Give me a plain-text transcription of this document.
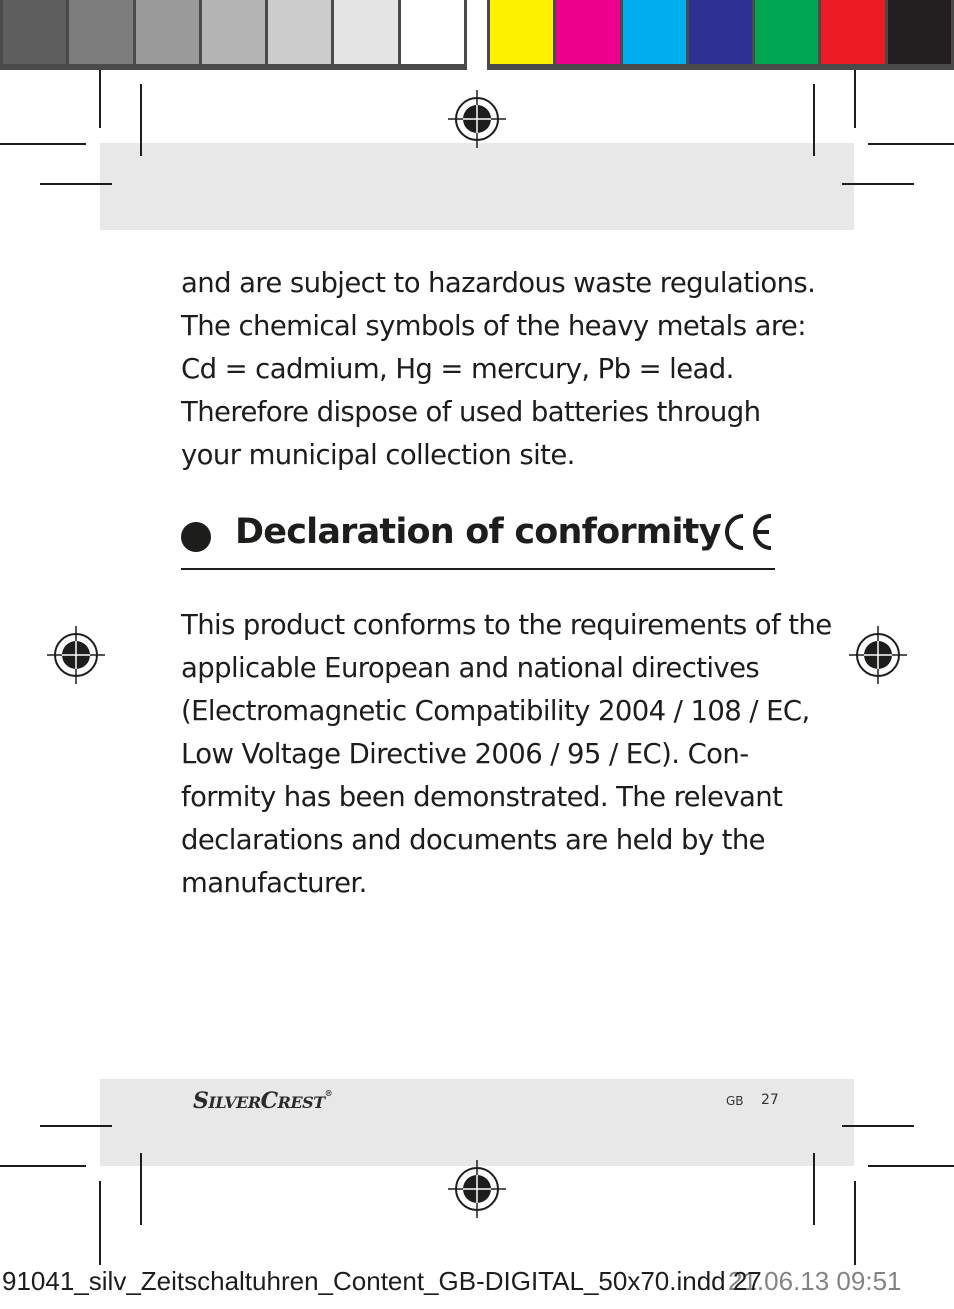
and are subject to hazardous waste regulations.
The chemical symbols of the heavy metals are:
Cd = cadmium, Hg = mercury, Pb = lead.
Therefore dispose of used batteries through
your municipal collection site.
Declaration of conformity
This product conforms to the requirements of the
applicable European and national directives
(Electromagnetic Compatibility 2004 / 108 / EC,
Low Voltage Directive 2006 / 95 / EC). Con-
formity has been demonstrated. The relevant
declarations and documents are held by the
manufacturer.
SILVERCREST®
GB 27
91041_silv_Zeitschaltuhren_Content_GB-DIGITAL_50x70.indd 27
21.06.13 09:51
